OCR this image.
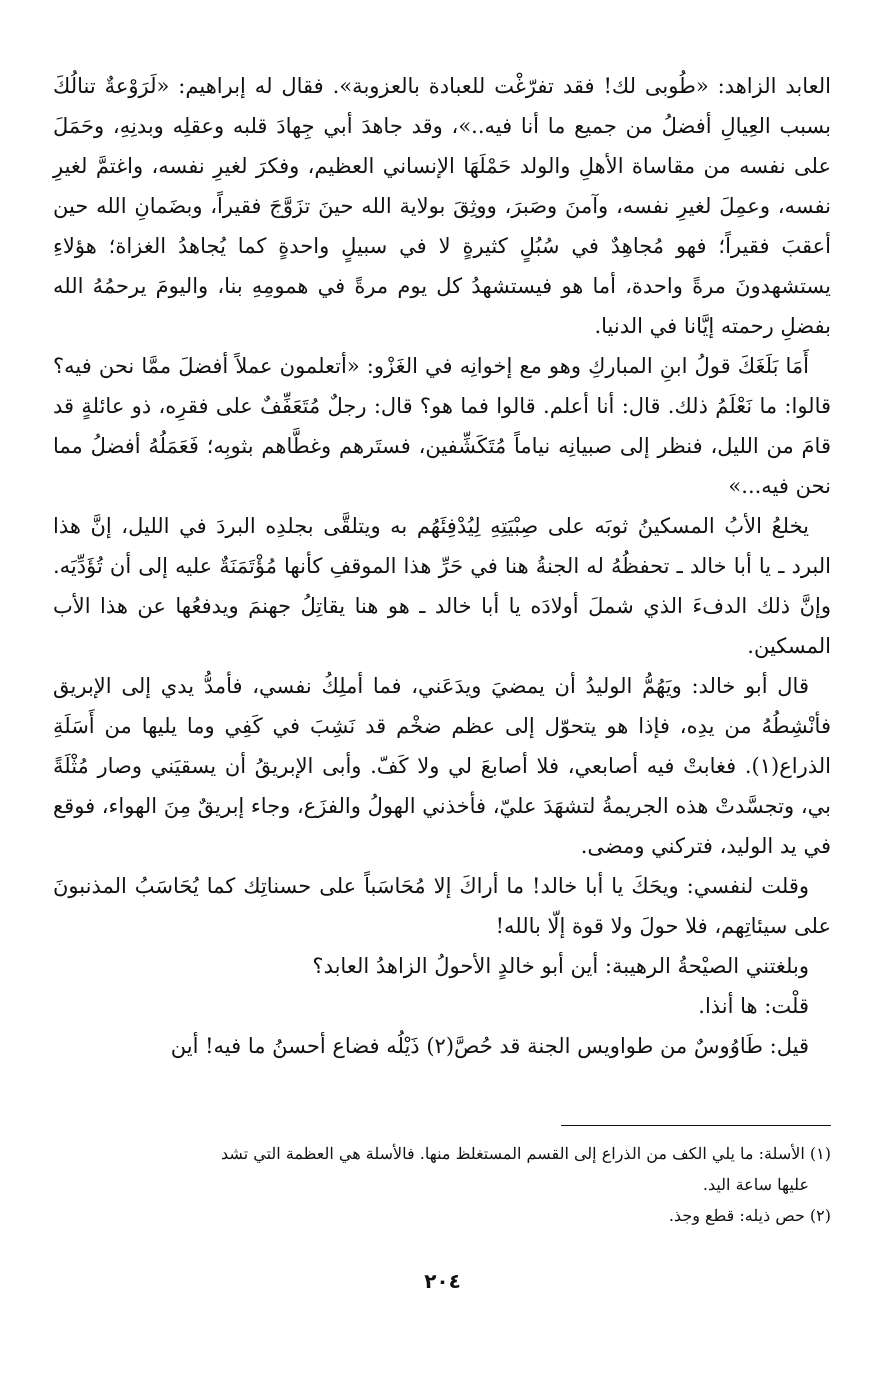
العابد الزاهد: «طُوبى لك! فقد تفرّغْت للعبادة بالعزوبة». فقال له إبراهيم: «لَرَوْعةٌ تنالُكَ بسبب العِيالِ أفضلُ من جميع ما أنا فيه..»، وقد جاهدَ أبي جِهادَ قلبه وعقلِه وبدنِهِ، وحَمَلَ على نفسه من مقاساة الأهلِ والولد حَمْلَهَا الإنساني العظيم، وفكرَ لغيرِ نفسه، واغتمَّ لغيرِ نفسه، وعمِلَ لغيرِ نفسه، وآمنَ وصَبرَ، ووثِقَ بولاية الله حينَ تزَوَّجَ فقيراً، وبضَمانِ الله حين أعقبَ فقيراً؛ فهو مُجاهِدٌ في سُبُلٍ كثيرةٍ لا في سبيلٍ واحدةٍ كما يُجاهدُ الغزاة؛ هؤلاءِ يستشهدونَ مرةً واحدة، أما هو فيستشهدُ كل يوم مرةً في همومِهِ بنا، واليومَ يرحمُهُ الله بفضلِ رحمته إيَّانا في الدنيا.

أَمَا بَلَغَكَ قولُ ابنِ المباركِ وهو مع إخوانِه في الغَزْو: «أتعلمون عملاً أفضلَ ممَّا نحن فيه؟ قالوا: ما نَعْلَمُ ذلك. قال: أنا أعلم. قالوا فما هو؟ قال: رجلٌ مُتَعَفِّفٌ على فقرِه، ذو عائلةٍ قد قامَ من الليل، فنظر إلى صبيانِه نياماً مُتَكَشِّفين، فستَرهم وغطَّاهم بثوبِه؛ فَعَمَلُهُ أفضلُ مما نحن فيه...»

يخلعُ الأبُ المسكينُ ثوبَه على صِبْيَتِهِ لِيُدْفِئَهُم به ويتلقَّى بجلدِه البردَ في الليل، إنَّ هذا البرد ـ يا أبا خالد ـ تحفظُهُ له الجنةُ هنا في حَرِّ هذا الموقفِ كأنها مُؤْتَمَنَةٌ عليه إلى أن تُؤَدِّيَه. وإنَّ ذلك الدفءَ الذي شملَ أولادَه يا أبا خالد ـ هو هنا يقاتِلُ جهنمَ ويدفعُها عن هذا الأب المسكين.

قال أبو خالد: ويَهُمُّ الوليدُ أن يمضيَ ويدَعَني، فما أملِكُ نفسي، فأمدُّ يدي إلى الإبريق فأنْشِطُهُ من يدِه، فإذا هو يتحوّل إلى عظم ضخْم قد نَشِبَ في كَفِي وما يليها من أَسَلَةِ الذراع(١). فغابتْ فيه أصابعي، فلا أصابعَ لي ولا كَفّ. وأبى الإبريقُ أن يسقيَني وصار مُثْلَةً بي، وتجسَّدتْ هذه الجريمةُ لتشهَدَ عليّ، فأخذني الهولُ والفزَع، وجاء إبريقٌ مِنَ الهواء، فوقع في يد الوليد، فتركني ومضى.

وقلت لنفسي: ويحَكَ يا أبا خالد! ما أراكَ إلا مُحَاسَباً على حسناتِك كما يُحَاسَبُ المذنبونَ على سيئاتِهم، فلا حولَ ولا قوة إلّا بالله!

وبلغتني الصيْحةُ الرهيبة: أين أبو خالدٍ الأحولُ الزاهدُ العابد؟

قلْت: ها أنذا.

قيل: طَاوُوسٌ من طواويس الجنة قد حُصَّ(٢) ذَيْلُه فضاع أحسنُ ما فيه! أين

(١) الأسلة: ما يلي الكف من الذراع إلى القسم المستغلظ منها. فالأسلة هي العظمة التي تشد

عليها ساعة اليد.

(٢) حص ذيله: قطع وجذ.

٢٠٤
